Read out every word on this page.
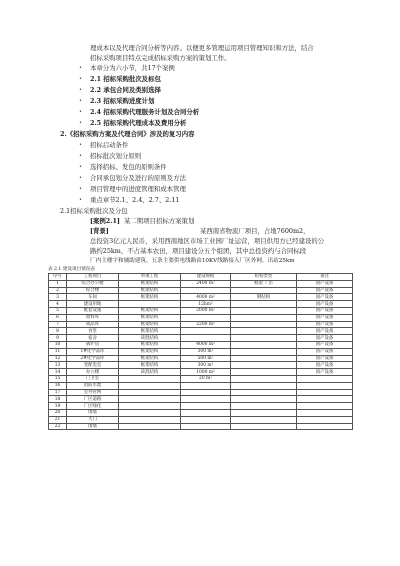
理成本以及代理合同分析等内容。以便更多管理运用项目管理知识和方法，结合
招标采购项目特点完成招标采购方案的策划工作。
• 本章分为六小节，共17个案例
• 2.1 招标采购批次及标包
• 2.2 承包合同及类别选择
• 2.3 招标采购进度计划
• 2.4 招标采购代理服务计划及合同分析
• 2.5 招标采购代理成本及费用分析
2.《招标采购方案及代理合同》涉及的复习内容
• 招标启动条件
• 招标批次划分原则
• 选择招标、发包的原则条件
• 合同承包划分及进行的原则及方法
• 项目管理中的进度管理和成本管理
• 重点章节2.1、2.4、2.7、2.11
2.1招标采购批次及分包
[案例2.1] 某二期项目招标方案策划
[背景]	某西南省物流厂项目，占地7600m2，
总投资3亿元人民币，采用西南地区市场工业园厂址运营，项目供用方已经建设的公
路约25km，不占基本农田，项目建设分五个组团，其中总投资约与合同标段
厂内主楼宇和辅助建筑，五条主要供电线路由10KV线路接入厂区外网，出站25km
表 2.1 建设项目情况表
序号	工程项目	单项工程	建设规模	结构类型	备注
1	综合办公楼	框架结构	2400 m²	框架 7 层	国产设备
2	综合楼	框架结构			国产设备
3	车间	框架结构	4000 m²	钢结构	国产设备
4	建设用地		12hm²		国产设备
5	配套设施	框架结构	2000 m²		国产设备
6	原料库	框架结构			国产设备
7	成品库	框架结构	2200 m²		国产设备
8	食堂	框架结构			国产设备
9	宿舍	砖混结构			国产设备
10	锅炉房	框架结构	4000 m²		国产设备
11	1#化学品库	框架结构	300 m²		国产设备
12	2#化学品库	框架结构	500 m²		国产设备
13	变配电室	框架结构	300 m²		国产设备
14	办公楼	砖混结构	1000 m²		国产设备
15	门卫室		20 m²		
16	消防水池				
17	室外管网				
18	厂区道路				
19	厂区绿化				
20	围墙				
21	大门				
22	围墙				
